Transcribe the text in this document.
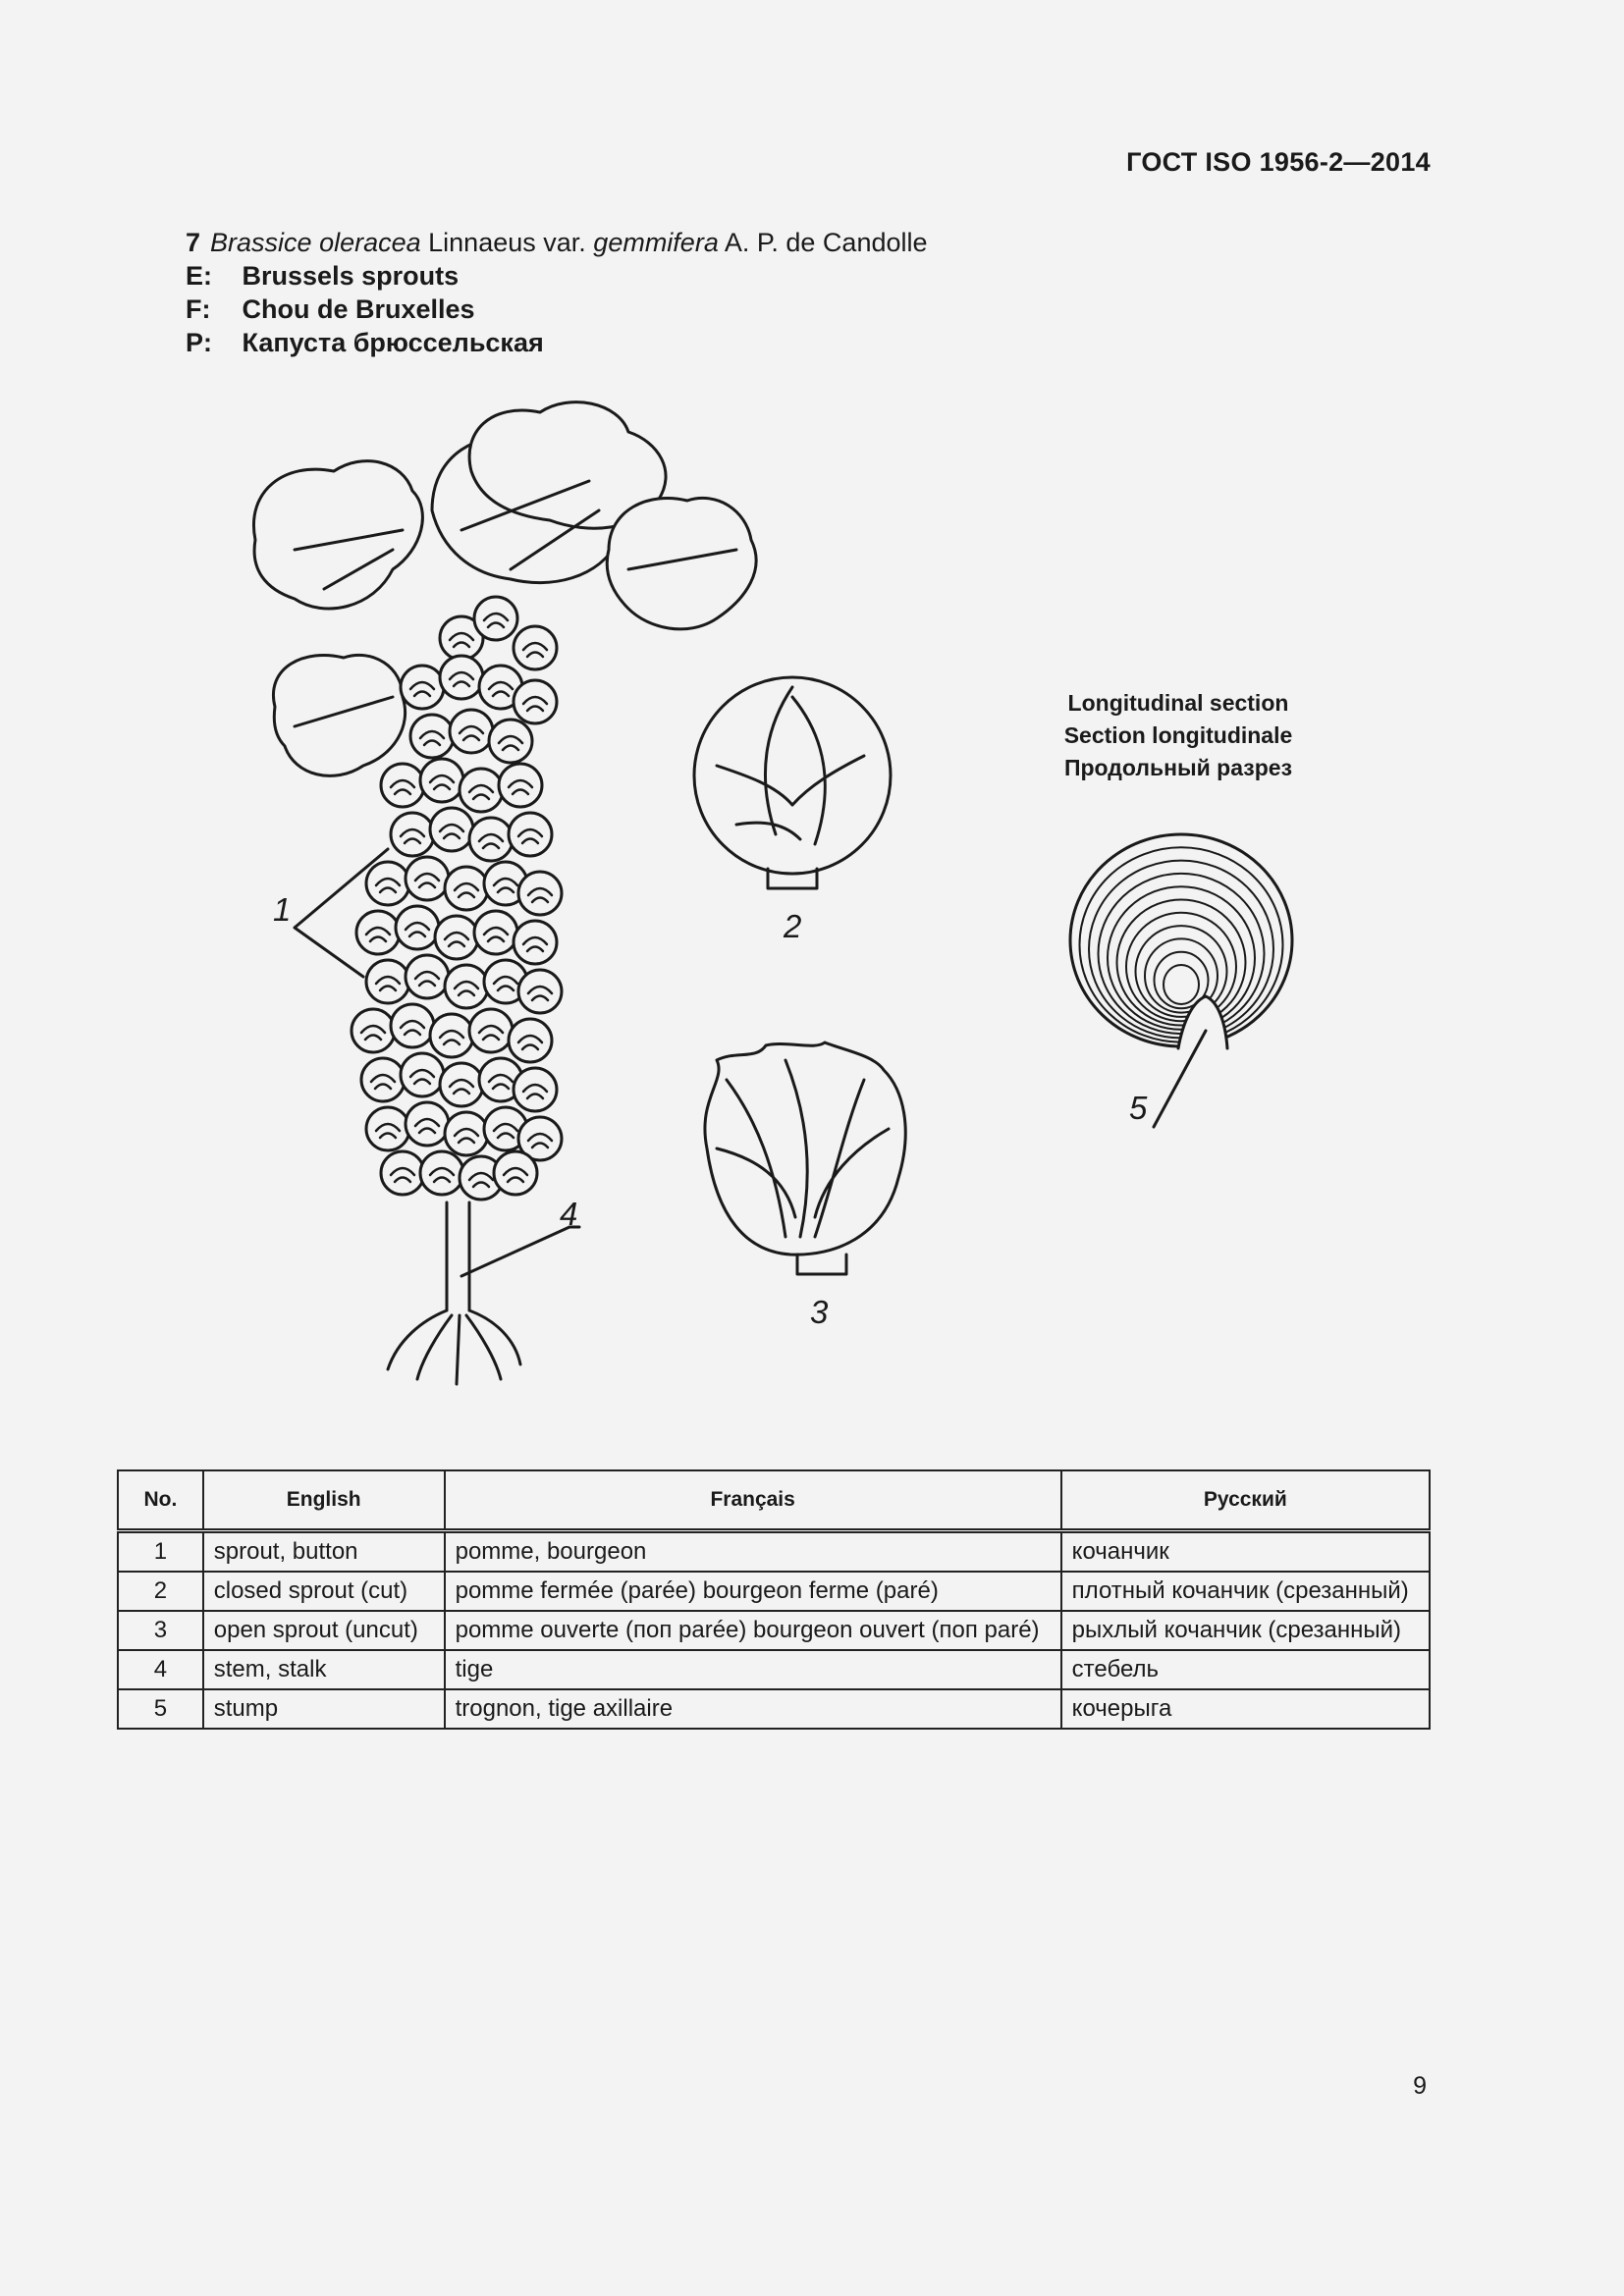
ГОСТ ISO 1956-2—2014
7 Brassice oleracea Linnaeus var. gemmifera A. P. de Candolle
E: Brussels sprouts
F: Chou de Bruxelles
P: Капуста брюссельская
Longitudinal section
Section longitudinale
Продольный разрез
1	2
3
4
5
No.	English	Français	Русский
1	sprout, button	pomme, bourgeon	кочанчик
2	closed sprout (cut)	pomme fermée (parée) bourgeon ferme (paré)	плотный кочанчик (срезанный)
3	open sprout (uncut)	pomme ouverte (поп parée) bourgeon ouvert (поп paré)	рыхлый кочанчик (срезанный)
4	stem, stalk	tige	стебель
5	stump	trognon, tige axillaire	кочерыга
9
